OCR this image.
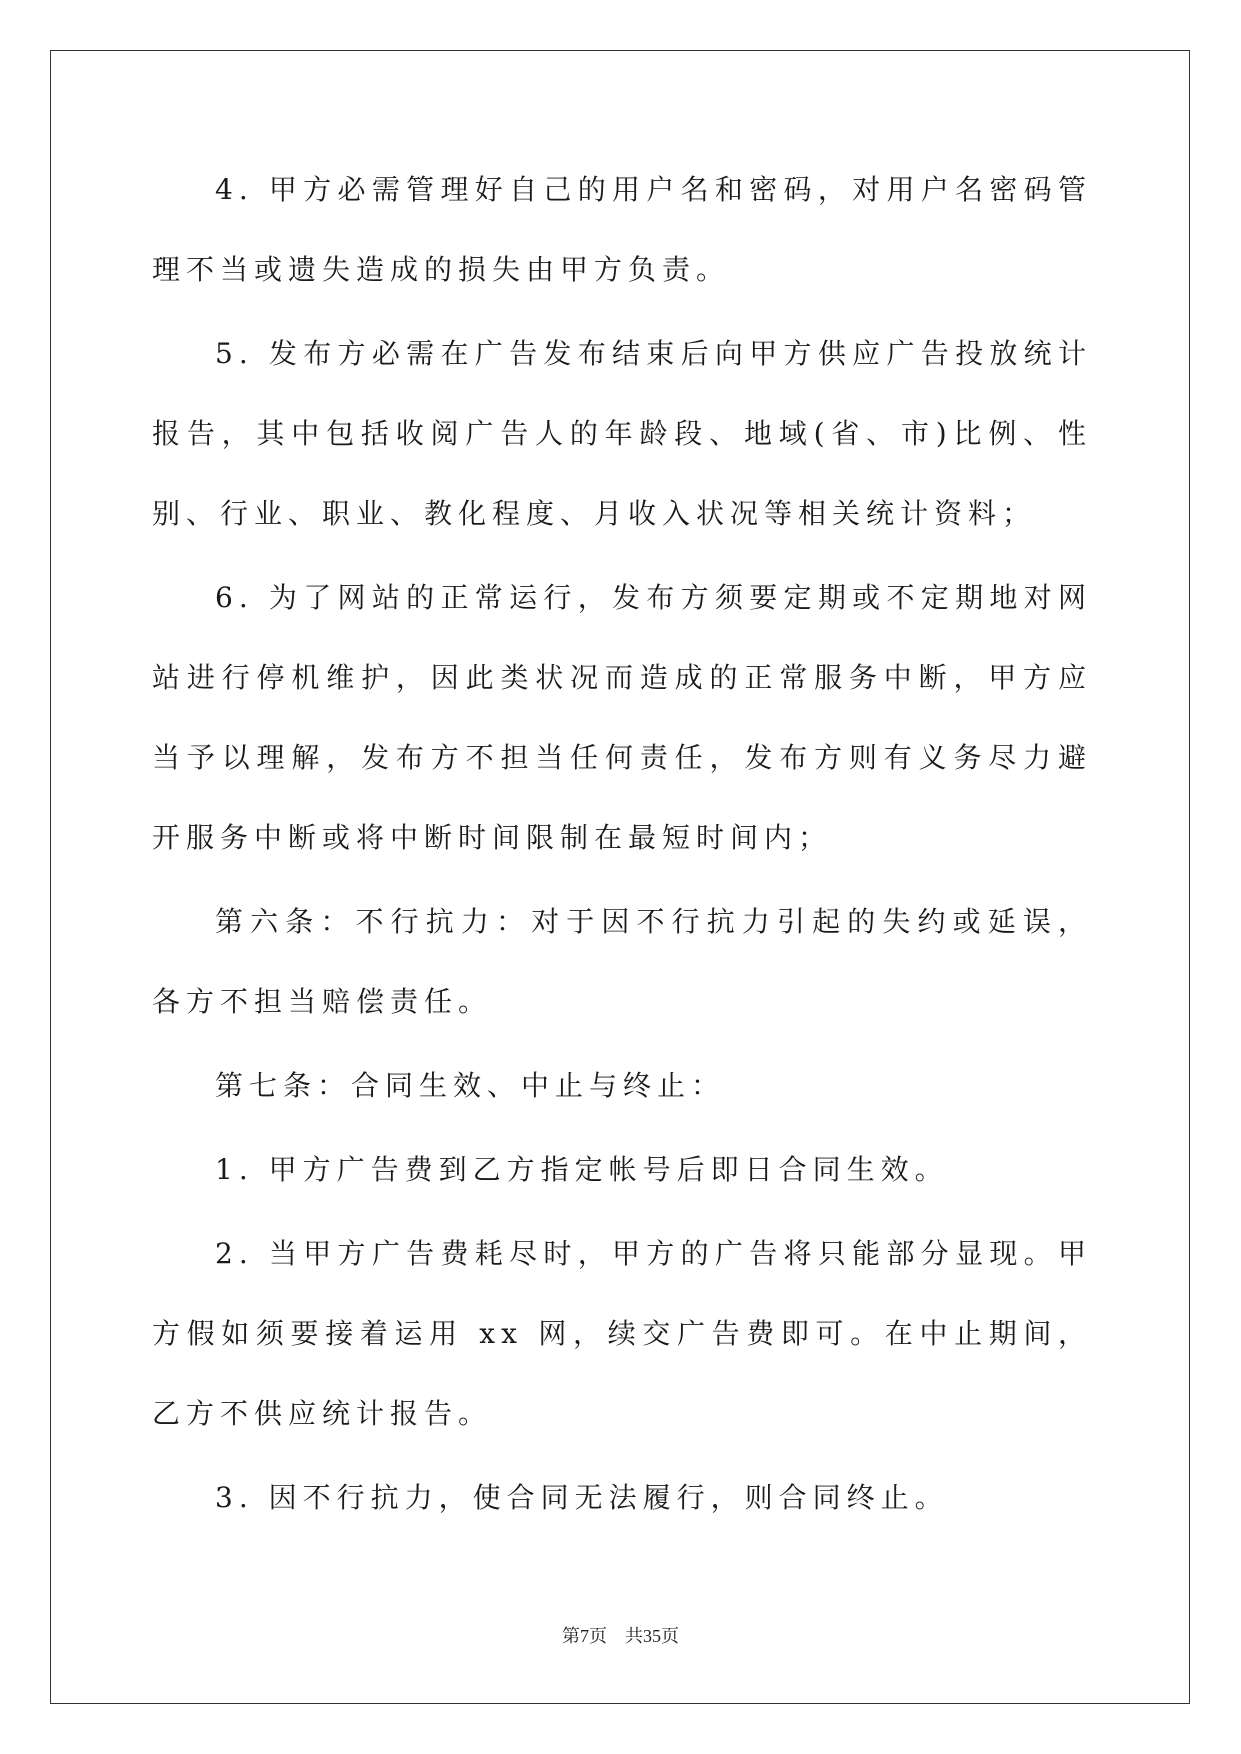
4. 甲方必需管理好自己的用户名和密码，对用户名密码管理不当或遗失造成的损失由甲方负责。

5. 发布方必需在广告发布结束后向甲方供应广告投放统计报告，其中包括收阅广告人的年龄段、地域(省、市)比例、性别、行业、职业、教化程度、月收入状况等相关统计资料；

6. 为了网站的正常运行，发布方须要定期或不定期地对网站进行停机维护，因此类状况而造成的正常服务中断，甲方应当予以理解，发布方不担当任何责任，发布方则有义务尽力避开服务中断或将中断时间限制在最短时间内；

第六条：不行抗力：对于因不行抗力引起的失约或延误，各方不担当赔偿责任。

第七条：合同生效、中止与终止：

1. 甲方广告费到乙方指定帐号后即日合同生效。

2. 当甲方广告费耗尽时，甲方的广告将只能部分显现。甲方假如须要接着运用 xx 网，续交广告费即可。在中止期间，乙方不供应统计报告。

3. 因不行抗力，使合同无法履行，则合同终止。

第7页 共35页
